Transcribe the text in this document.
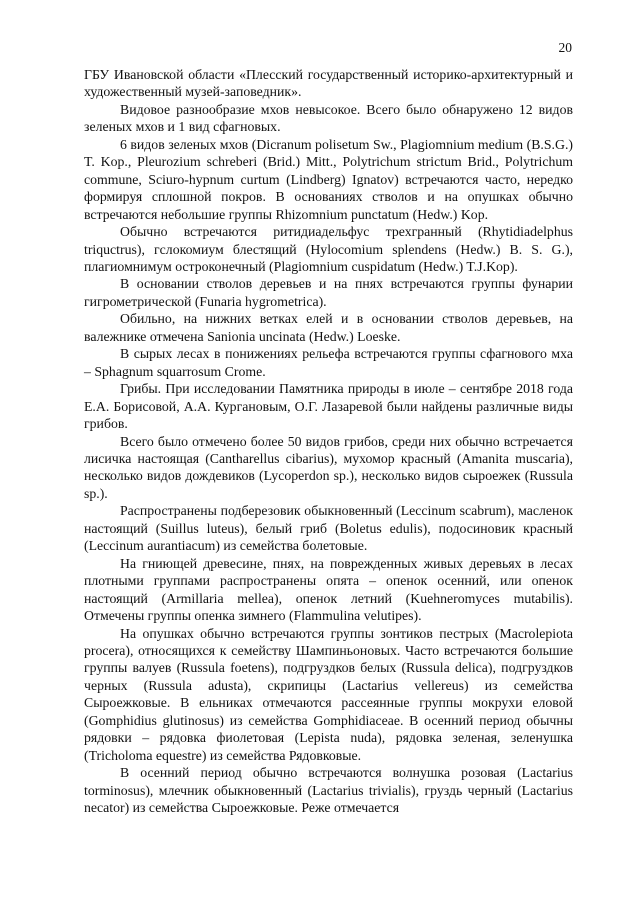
20

ГБУ Ивановской области «Плесский государственный историко-архитектурный и художественный музей-заповедник».

Видовое разнообразие мхов невысокое. Всего было обнаружено 12 видов зеленых мхов и 1 вид сфагновых.

6 видов зеленых мхов (Dicranum polisetum Sw., Plagiomnium medium (B.S.G.) T. Kop., Pleurozium schreberi (Brid.) Mitt., Polytrichum strictum Brid., Polytrichum commune, Sciuro-hypnum curtum (Lindberg) Ignatov) встречаются часто, нередко формируя сплошной покров. В основаниях стволов и на опушках обычно встречаются небольшие группы Rhizomnium punctatum (Hedw.) Kop.

Обычно встречаются ритидиадельфус трехгранный (Rhytidiadelphus triquctrus), гслокомиум блестящий (Hylocomium splendens (Hedw.) B. S. G.), плагиомнимум остроконечный (Plagiomnium cuspidatum (Hedw.) T.J.Kop).

В основании стволов деревьев и на пнях встречаются группы фунарии гигрометрической (Funaria hygrometrica).

Обильно, на нижних ветках елей и в основании стволов деревьев, на валежнике отмечена Sanionia uncinata (Hedw.) Loeske.

В сырых лесах в понижениях рельефа встречаются группы сфагнового мха – Sphagnum squarrosum Crome.

Грибы. При исследовании Памятника природы в июле – сентябре 2018 года Е.А. Борисовой, А.А. Кургановым, О.Г. Лазаревой были найдены различные виды грибов.

Всего было отмечено более 50 видов грибов, среди них обычно встречается лисичка настоящая (Cantharellus cibarius), мухомор красный (Amanita muscaria), несколько видов дождевиков (Lycoperdon sp.), несколько видов сыроежек (Russula sp.).

Распространены подберезовик обыкновенный (Leccinum scabrum), масленок настоящий (Suillus luteus), белый гриб (Boletus edulis), подосиновик красный (Leccinum aurantiacum) из семейства болетовые.

На гниющей древесине, пнях, на поврежденных живых деревьях в лесах плотными группами распространены опята – опенок осенний, или опенок настоящий (Armillaria mellea), опенок летний (Kuehneromyces mutabilis). Отмечены группы опенка зимнего (Flammulina velutipes).

На опушках обычно встречаются группы зонтиков пестрых (Macrolepiota procera), относящихся к семейству Шампиньоновых. Часто встречаются большие группы валуев (Russula foetens), подгруздков белых (Russula delica), подгруздков черных (Russula adusta), скрипицы (Lactarius vellereus) из семейства Сыроежковые. В ельниках отмечаются рассеянные группы мокрухи еловой (Gomphidius glutinosus) из семейства Gomphidiaceae. В осенний период обычны рядовки – рядовка фиолетовая (Lepista nuda), рядовка зеленая, зеленушка (Tricholoma equestre) из семейства Рядовковые.

В осенний период обычно встречаются волнушка розовая (Lactarius torminosus), млечник обыкновенный (Lactarius trivialis), груздь черный (Lactarius necator) из семейства Сыроежковые. Реже отмечается
